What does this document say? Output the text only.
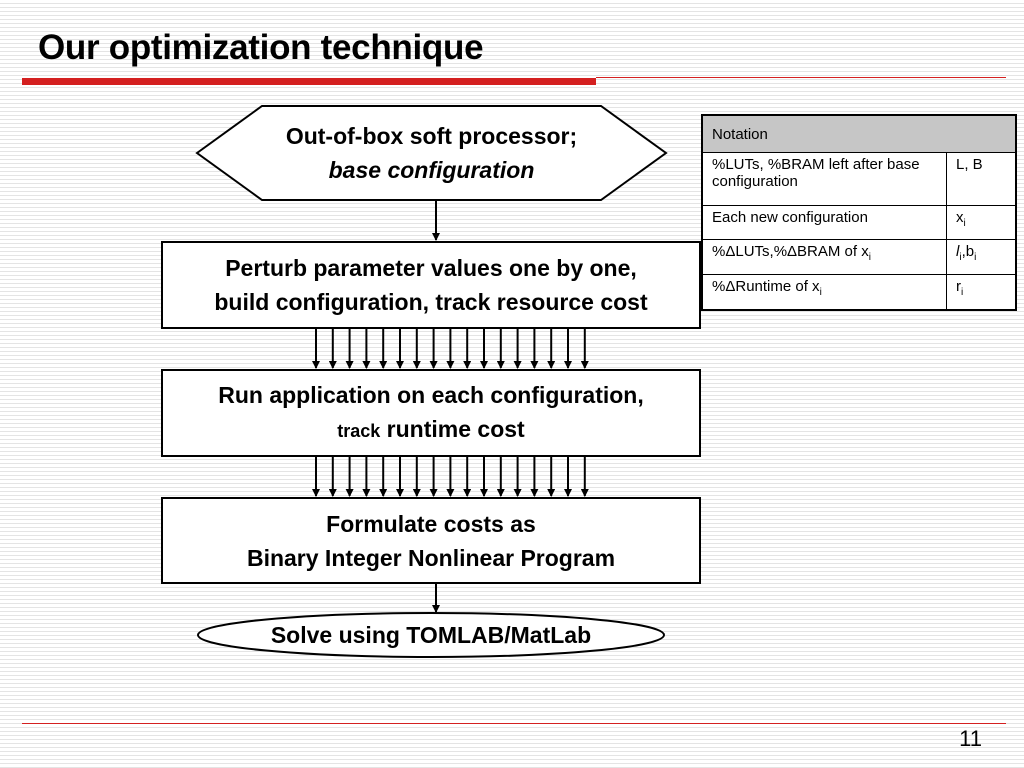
Our optimization technique
Out-of-box soft processor;
base configuration
Perturb parameter values one by one,
build configuration, track resource cost
Run application on each configuration,
track runtime cost
Formulate costs as
Binary Integer Nonlinear Program
Solve using TOMLAB/MatLab
Notation	
%LUTs, %BRAM left after base configuration	L, B
Each new configuration	$x_i$
%ΔLUTs,%ΔBRAM of $x_i$	$l_i,b_i$
%ΔRuntime of $x_i$	$r_i$
11
